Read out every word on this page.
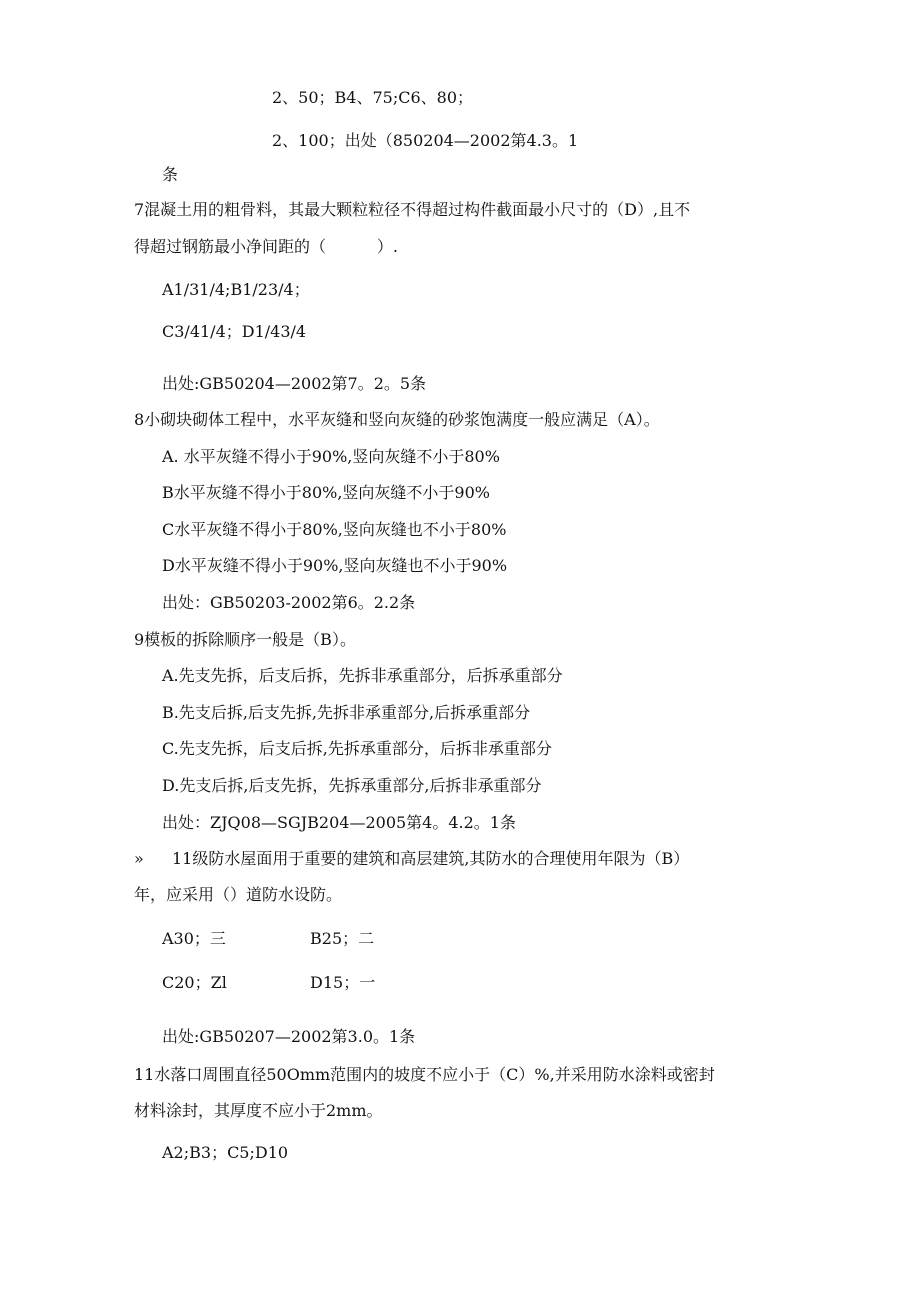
2、50；B4、75;C6、80；
2、100；出处（850204—2002第4.3。1
条
7混凝土用的粗骨料，其最大颗粒粒径不得超过构件截面最小尺寸的（D）,且不
得超过钢筋最小净间距的（          ）.
A1/31/4;B1/23/4；
C3/41/4；D1/43/4
出处:GB50204—2002第7。2。5条
8小砌块砌体工程中，水平灰缝和竖向灰缝的砂浆饱满度一般应满足（A）。
A. 水平灰缝不得小于90%,竖向灰缝不小于80%
B水平灰缝不得小于80%,竖向灰缝不小于90%
C水平灰缝不得小于80%,竖向灰缝也不小于80%
D水平灰缝不得小于90%,竖向灰缝也不小于90%
出处：GB50203-2002第6。2.2条
9模板的拆除顺序一般是（B）。
A.先支先拆，后支后拆，先拆非承重部分，后拆承重部分
B.先支后拆,后支先拆,先拆非承重部分,后拆承重部分
C.先支先拆，后支后拆,先拆承重部分，后拆非承重部分
D.先支后拆,后支先拆，先拆承重部分,后拆非承重部分
出处：ZJQ08—SGJB204—2005第4。4.2。1条
» 11级防水屋面用于重要的建筑和高层建筑,其防水的合理使用年限为（B）
年，应采用（）道防水设防。
A30；三	B25；二
C20；Zl	D15；一
出处:GB50207—2002第3.0。1条
11水落口周围直径50Omm范围内的坡度不应小于（C）%,并采用防水涂料或密封
材料涂封，其厚度不应小于2mm。
A2;B3；C5;D10
